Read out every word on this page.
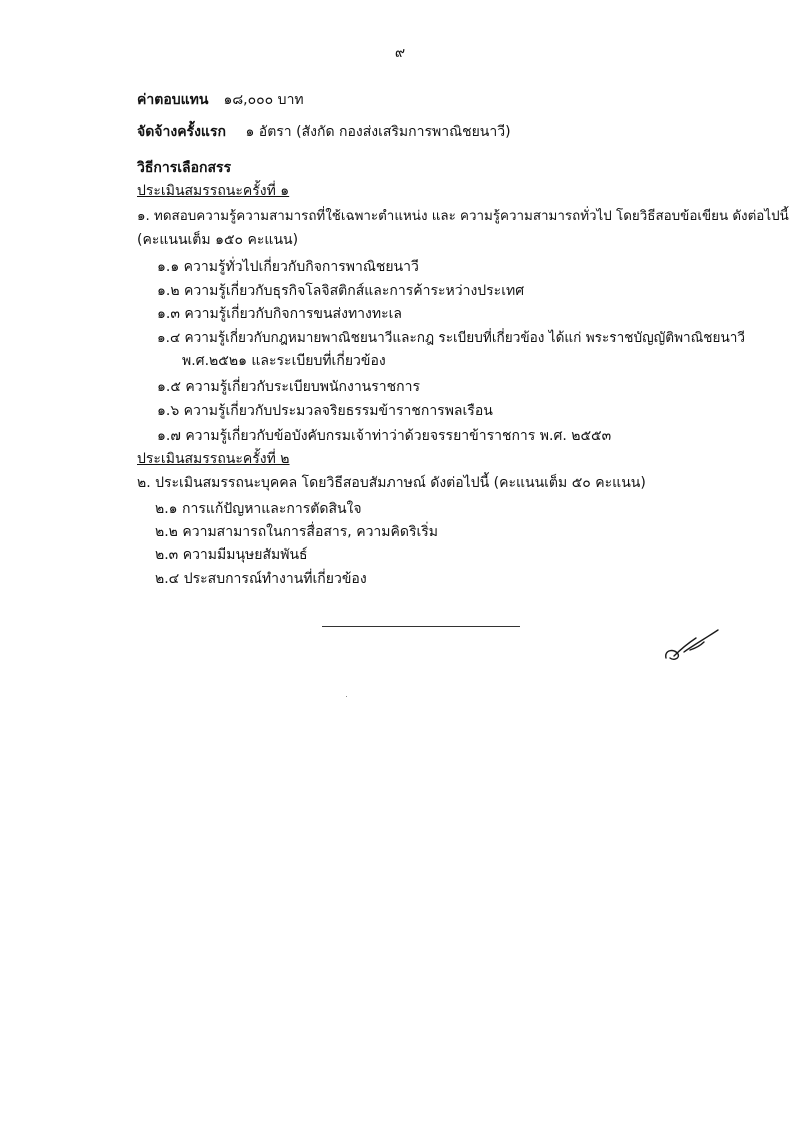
๙
ค่าตอบแทน ๑๘,๐๐๐ บาท
จัดจ้างครั้งแรก ๑ อัตรา (สังกัด กองส่งเสริมการพาณิชยนาวี)
วิธีการเลือกสรร
ประเมินสมรรถนะครั้งที่ ๑
๑. ทดสอบความรู้ความสามารถที่ใช้เฉพาะตำแหน่ง และ ความรู้ความสามารถทั่วไป โดยวิธีสอบข้อเขียน ดังต่อไปนี้
(คะแนนเต็ม ๑๕๐ คะแนน)
๑.๑ ความรู้ทั่วไปเกี่ยวกับกิจการพาณิชยนาวี
๑.๒ ความรู้เกี่ยวกับธุรกิจโลจิสติกส์และการค้าระหว่างประเทศ
๑.๓ ความรู้เกี่ยวกับกิจการขนส่งทางทะเล
๑.๔ ความรู้เกี่ยวกับกฎหมายพาณิชยนาวีและกฎ ระเบียบที่เกี่ยวข้อง ได้แก่ พระราชบัญญัติพาณิชยนาวี
พ.ศ.๒๕๒๑ และระเบียบที่เกี่ยวข้อง
๑.๕ ความรู้เกี่ยวกับระเบียบพนักงานราชการ
๑.๖ ความรู้เกี่ยวกับประมวลจริยธรรมข้าราชการพลเรือน
๑.๗ ความรู้เกี่ยวกับข้อบังคับกรมเจ้าท่าว่าด้วยจรรยาข้าราชการ พ.ศ. ๒๕๕๓
ประเมินสมรรถนะครั้งที่ ๒
๒. ประเมินสมรรถนะบุคคล โดยวิธีสอบสัมภาษณ์ ดังต่อไปนี้ (คะแนนเต็ม ๕๐ คะแนน)
๒.๑ การแก้ปัญหาและการตัดสินใจ
๒.๒ ความสามารถในการสื่อสาร, ความคิดริเริ่ม
๒.๓ ความมีมนุษยสัมพันธ์
๒.๔ ประสบการณ์ทำงานที่เกี่ยวข้อง
